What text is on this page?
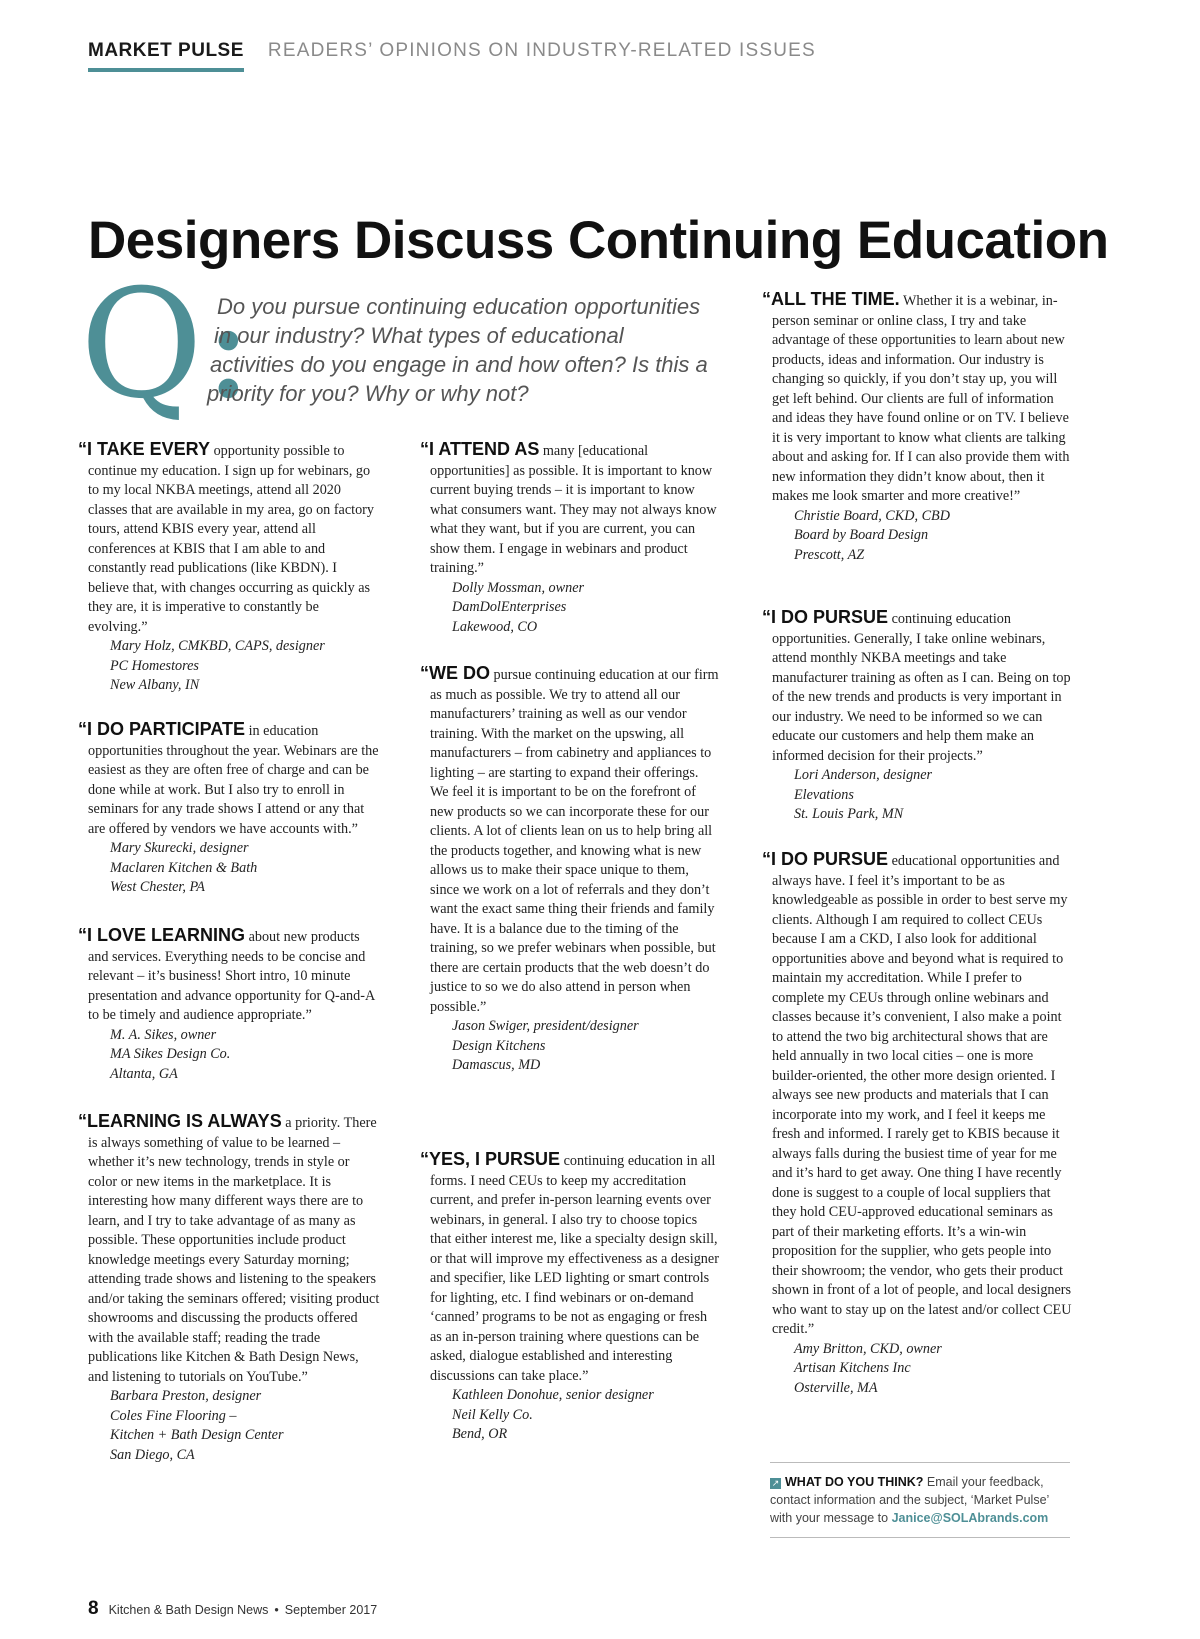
MARKET PULSE READERS’ OPINIONS ON INDUSTRY-RELATED ISSUES
Designers Discuss Continuing Education
Q:
Do you pursue continuing education opportunities
in our industry? What types of educational
activities do you engage in and how often? Is this a
priority for you? Why or why not?

“I TAKE EVERY opportunity possible to continue my education. I sign up for webinars, go to my local NKBA meetings, attend all 2020 classes that are available in my area, go on factory tours, attend KBIS every year, attend all conferences at KBIS that I am able to and constantly read publications (like KBDN). I believe that, with changes occurring as quickly as they are, it is imperative to constantly be evolving.”

Mary Holz, CMKBD, CAPS, designer
PC Homestores
New Albany, IN

“I DO PARTICIPATE in education opportunities throughout the year. Webinars are the easiest as they are often free of charge and can be done while at work. But I also try to enroll in seminars for any trade shows I attend or any that are offered by vendors we have accounts with.”

Mary Skurecki, designer
Maclaren Kitchen & Bath
West Chester, PA

“I LOVE LEARNING about new products and services. Everything needs to be concise and relevant – it’s business! Short intro, 10 minute presentation and advance opportunity for Q-and-A to be timely and audience appropriate.”

M. A. Sikes, owner
MA Sikes Design Co.
Altanta, GA

“LEARNING IS ALWAYS a priority. There is always something of value to be learned – whether it’s new technology, trends in style or color or new items in the marketplace. It is interesting how many different ways there are to learn, and I try to take advantage of as many as possible. These opportunities include product knowledge meetings every Saturday morning; attending trade shows and listening to the speakers and/or taking the seminars offered; visiting product showrooms and discussing the products offered with the available staff; reading the trade publications like Kitchen & Bath Design News, and listening to tutorials on YouTube.”

Barbara Preston, designer
Coles Fine Flooring –
Kitchen + Bath Design Center
San Diego, CA

“I ATTEND AS many [educational opportunities] as possible. It is important to know current buying trends – it is important to know what consumers want. They may not always know what they want, but if you are current, you can show them. I engage in webinars and product training.”

Dolly Mossman, owner
DamDolEnterprises
Lakewood, CO

“WE DO pursue continuing education at our firm as much as possible. We try to attend all our manufacturers’ training as well as our vendor training. With the market on the upswing, all manufacturers – from cabinetry and appliances to lighting – are starting to expand their offerings. We feel it is important to be on the forefront of new products so we can incorporate these for our clients. A lot of clients lean on us to help bring all the products together, and knowing what is new allows us to make their space unique to them, since we work on a lot of referrals and they don’t want the exact same thing their friends and family have. It is a balance due to the timing of the training, so we prefer webinars when possible, but there are certain products that the web doesn’t do justice to so we do also attend in person when possible.”

Jason Swiger, president/designer
Design Kitchens
Damascus, MD

“YES, I PURSUE continuing education in all forms. I need CEUs to keep my accreditation current, and prefer in-person learning events over webinars, in general. I also try to choose topics that either interest me, like a specialty design skill, or that will improve my effectiveness as a designer and specifier, like LED lighting or smart controls for lighting, etc. I find webinars or on-demand ‘canned’ programs to be not as engaging or fresh as an in-person training where questions can be asked, dialogue established and interesting discussions can take place.”

Kathleen Donohue, senior designer
Neil Kelly Co.
Bend, OR

“ALL THE TIME. Whether it is a webinar, in-person seminar or online class, I try and take advantage of these opportunities to learn about new products, ideas and information. Our industry is changing so quickly, if you don’t stay up, you will get left behind. Our clients are full of information and ideas they have found online or on TV. I believe it is very important to know what clients are talking about and asking for. If I can also provide them with new information they didn’t know about, then it makes me look smarter and more creative!”

Christie Board, CKD, CBD
Board by Board Design
Prescott, AZ

“I DO PURSUE continuing education opportunities. Generally, I take online webinars, attend monthly NKBA meetings and take manufacturer training as often as I can. Being on top of the new trends and products is very important in our industry. We need to be informed so we can educate our customers and help them make an informed decision for their projects.”

Lori Anderson, designer
Elevations
St. Louis Park, MN

“I DO PURSUE educational opportunities and always have. I feel it’s important to be as knowledgeable as possible in order to best serve my clients. Although I am required to collect CEUs because I am a CKD, I also look for additional opportunities above and beyond what is required to maintain my accreditation. While I prefer to complete my CEUs through online webinars and classes because it’s convenient, I also make a point to attend the two big architectural shows that are held annually in two local cities – one is more builder-oriented, the other more design oriented. I always see new products and materials that I can incorporate into my work, and I feel it keeps me fresh and informed. I rarely get to KBIS because it always falls during the busiest time of year for me and it’s hard to get away. One thing I have recently done is suggest to a couple of local suppliers that they hold CEU-approved educational seminars as part of their marketing efforts. It’s a win-win proposition for the supplier, who gets people into their showroom; the vendor, who gets their product shown in front of a lot of people, and local designers who want to stay up on the latest and/or collect CEU credit.”

Amy Britton, CKD, owner
Artisan Kitchens Inc
Osterville, MA
↗ WHAT DO YOU THINK? Email your feedback, contact information and the subject, ‘Market Pulse’ with your message to Janice@SOLAbrands.com
8 Kitchen & Bath Design News • September 2017
